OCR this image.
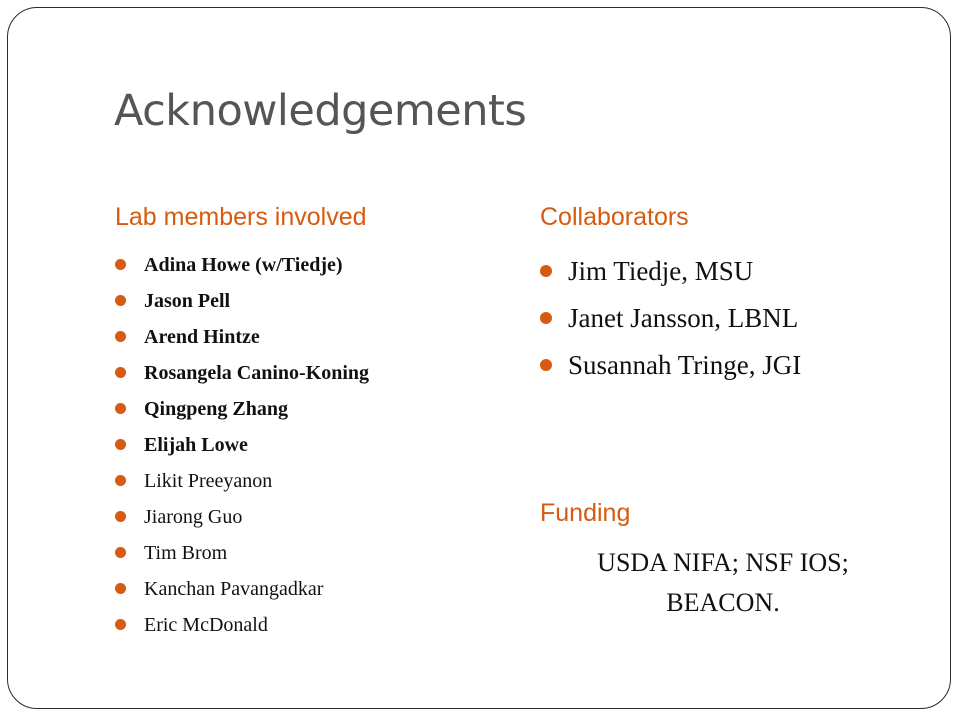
Acknowledgements
Lab members involved
Adina Howe (w/Tiedje)
Jason Pell
Arend Hintze
Rosangela Canino-Koning
Qingpeng Zhang
Elijah Lowe
Likit Preeyanon
Jiarong Guo
Tim Brom
Kanchan Pavangadkar
Eric McDonald
Collaborators
Jim Tiedje, MSU
Janet Jansson, LBNL
Susannah Tringe, JGI
Funding
USDA NIFA; NSF IOS; BEACON.
